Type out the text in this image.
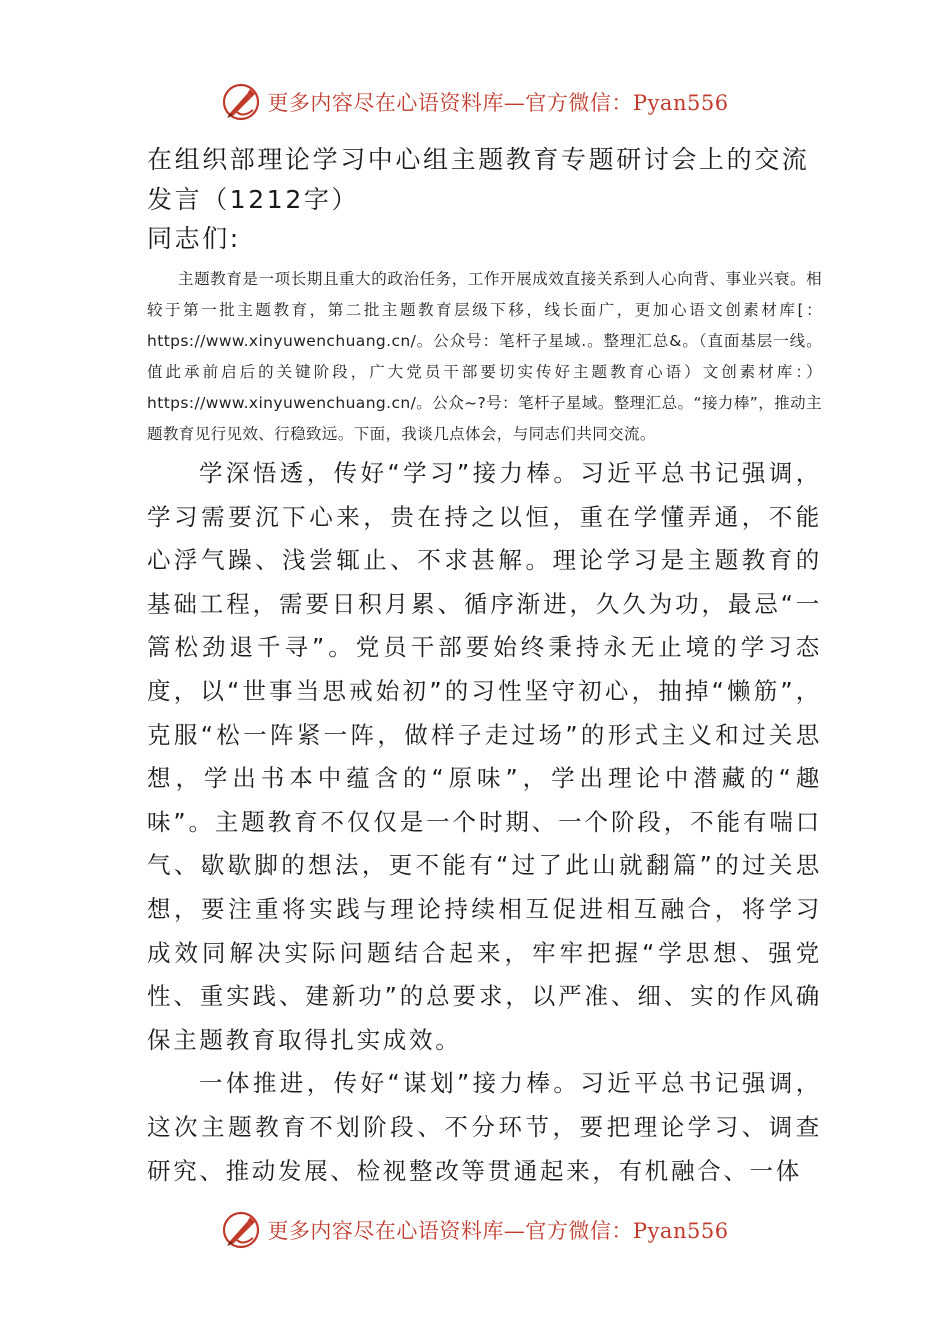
更多内容尽在心语资料库—官方微信：Pyan556
在组织部理论学习中心组主题教育专题研讨会上的交流发言（1212字）

同志们:

主题教育是一项长期且重大的政治任务，工作开展成效直接关系到人心向背、事业兴衰。相较于第一批主题教育，第二批主题教育层级下移，线长面广，更加心语文创素材库[：https://www.xinyuwenchuang.cn/。公众号：笔杆子星域.。整理汇总&。（直面基层一线。值此承前启后的关键阶段，广大党员干部要切实传好主题教育心语）文创素材库：）https://www.xinyuwenchuang.cn/。公众~?号：笔杆子星域。整理汇总。“接力棒”，推动主题教育见行见效、行稳致远。下面，我谈几点体会，与同志们共同交流。

学深悟透，传好“学习”接力棒。习近平总书记强调，学习需要沉下心来，贵在持之以恒，重在学懂弄通，不能心浮气躁、浅尝辄止、不求甚解。理论学习是主题教育的基础工程，需要日积月累、循序渐进，久久为功，最忌“一篙松劲退千寻”。党员干部要始终秉持永无止境的学习态度，以“世事当思戒始初”的习性坚守初心，抽掉“懒筋”，克服“松一阵紧一阵，做样子走过场”的形式主义和过关思想，学出书本中蕴含的“原味”，学出理论中潜藏的“趣味”。主题教育不仅仅是一个时期、一个阶段，不能有喘口气、歇歇脚的想法，更不能有“过了此山就翻篇”的过关思想，要注重将实践与理论持续相互促进相互融合，将学习成效同解决实际问题结合起来，牢牢把握“学思想、强党性、重实践、建新功”的总要求，以严准、细、实的作风确保主题教育取得扎实成效。

一体推进，传好“谋划”接力棒。习近平总书记强调，这次主题教育不划阶段、不分环节，要把理论学习、调查研究、推动发展、检视整改等贯通起来，有机融合、一体

更多内容尽在心语资料库—官方微信：Pyan556
